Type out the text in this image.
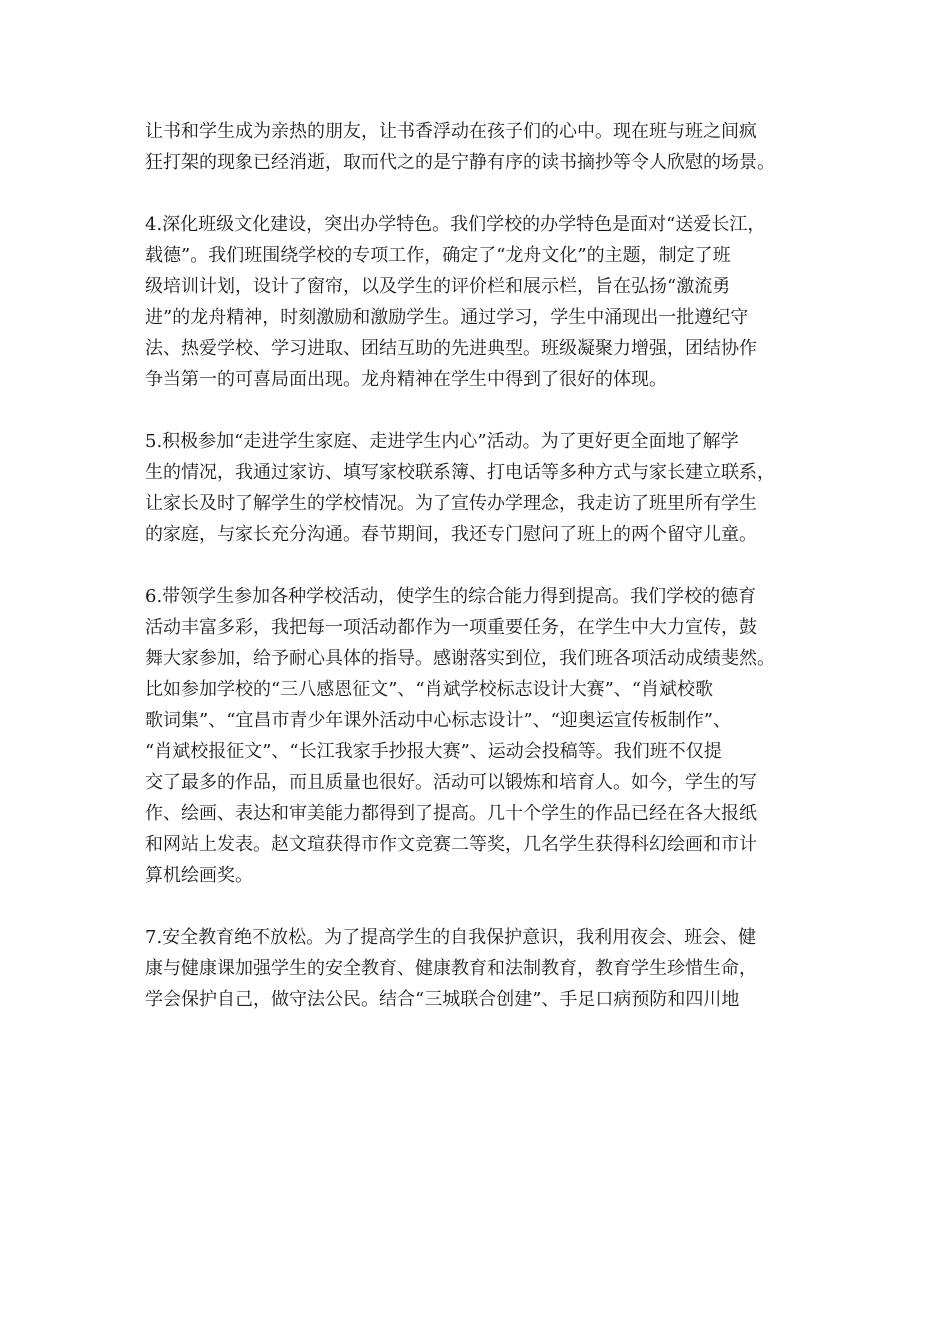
让书和学生成为亲热的朋友，让书香浮动在孩子们的心中。现在班与班之间疯
狂打架的现象已经消逝，取而代之的是宁静有序的读书摘抄等令人欣慰的场景。

4.深化班级文化建设，突出办学特色。我们学校的办学特色是面对“送爱长江，
载德”。我们班围绕学校的专项工作，确定了“龙舟文化”的主题，制定了班
级培训计划，设计了窗帘，以及学生的评价栏和展示栏，旨在弘扬“激流勇
进”的龙舟精神，时刻激励和激励学生。通过学习，学生中涌现出一批遵纪守
法、热爱学校、学习进取、团结互助的先进典型。班级凝聚力增强，团结协作
争当第一的可喜局面出现。龙舟精神在学生中得到了很好的体现。

5.积极参加“走进学生家庭、走进学生内心”活动。为了更好更全面地了解学
生的情况，我通过家访、填写家校联系簿、打电话等多种方式与家长建立联系，
让家长及时了解学生的学校情况。为了宣传办学理念，我走访了班里所有学生
的家庭，与家长充分沟通。春节期间，我还专门慰问了班上的两个留守儿童。

6.带领学生参加各种学校活动，使学生的综合能力得到提高。我们学校的德育
活动丰富多彩，我把每一项活动都作为一项重要任务，在学生中大力宣传，鼓
舞大家参加，给予耐心具体的指导。感谢落实到位，我们班各项活动成绩斐然。
比如参加学校的“三八感恩征文”、“肖斌学校标志设计大赛”、“肖斌校歌
歌词集”、“宜昌市青少年课外活动中心标志设计”、“迎奥运宣传板制作”、
“肖斌校报征文”、“长江我家手抄报大赛”、运动会投稿等。我们班不仅提
交了最多的作品，而且质量也很好。活动可以锻炼和培育人。如今，学生的写
作、绘画、表达和审美能力都得到了提高。几十个学生的作品已经在各大报纸
和网站上发表。赵文瑄获得市作文竞赛二等奖，几名学生获得科幻绘画和市计
算机绘画奖。

7.安全教育绝不放松。为了提高学生的自我保护意识，我利用夜会、班会、健
康与健康课加强学生的安全教育、健康教育和法制教育，教育学生珍惜生命，
学会保护自己，做守法公民。结合“三城联合创建”、手足口病预防和四川地
